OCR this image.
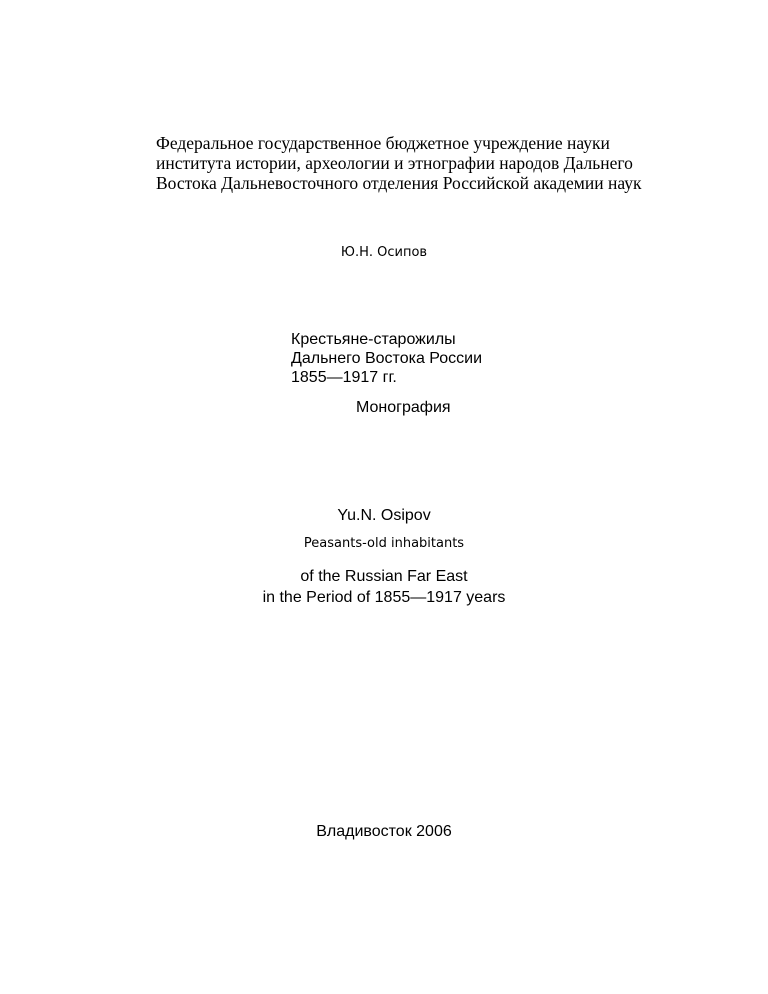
Федеральное государственное бюджетное учреждение науки
института истории, археологии и этнографии народов Дальнего
Востока Дальневосточного отделения Российской академии наук
Ю.Н. Осипов
Крестьяне-старожилы
Дальнего Востока России
1855—1917 гг.
Монография
Yu.N. Osipov
Peasants-old inhabitants
of the Russian Far East
in the Period of 1855—1917 years
Владивосток 2006
